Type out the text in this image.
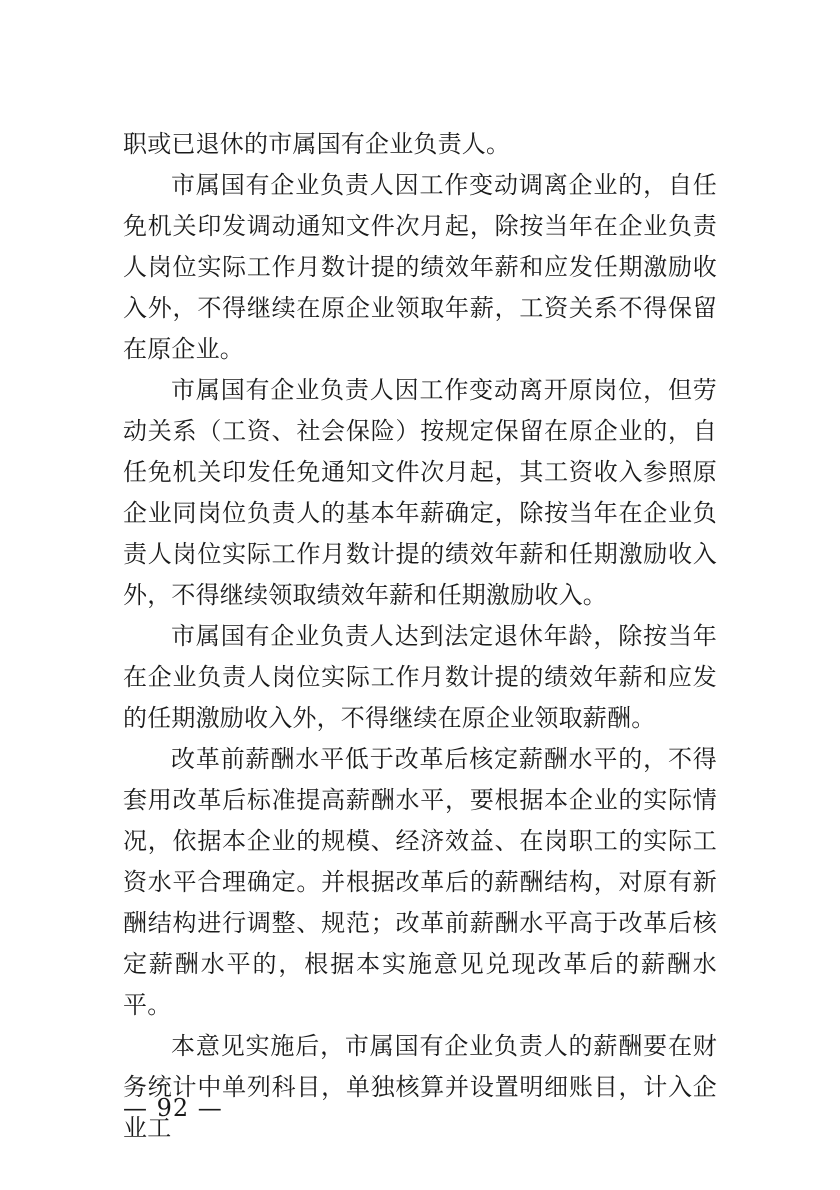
职或已退休的市属国有企业负责人。

市属国有企业负责人因工作变动调离企业的，自任免机关印发调动通知文件次月起，除按当年在企业负责人岗位实际工作月数计提的绩效年薪和应发任期激励收入外，不得继续在原企业领取年薪，工资关系不得保留在原企业。

市属国有企业负责人因工作变动离开原岗位，但劳动关系（工资、社会保险）按规定保留在原企业的，自任免机关印发任免通知文件次月起，其工资收入参照原企业同岗位负责人的基本年薪确定，除按当年在企业负责人岗位实际工作月数计提的绩效年薪和任期激励收入外，不得继续领取绩效年薪和任期激励收入。

市属国有企业负责人达到法定退休年龄，除按当年在企业负责人岗位实际工作月数计提的绩效年薪和应发的任期激励收入外，不得继续在原企业领取薪酬。

改革前薪酬水平低于改革后核定薪酬水平的，不得套用改革后标准提高薪酬水平，要根据本企业的实际情况，依据本企业的规模、经济效益、在岗职工的实际工资水平合理确定。并根据改革后的薪酬结构，对原有新酬结构进行调整、规范；改革前薪酬水平高于改革后核定薪酬水平的，根据本实施意见兑现改革后的薪酬水平。

本意见实施后，市属国有企业负责人的薪酬要在财务统计中单列科目，单独核算并设置明细账目，计入企业工

— 92 —
